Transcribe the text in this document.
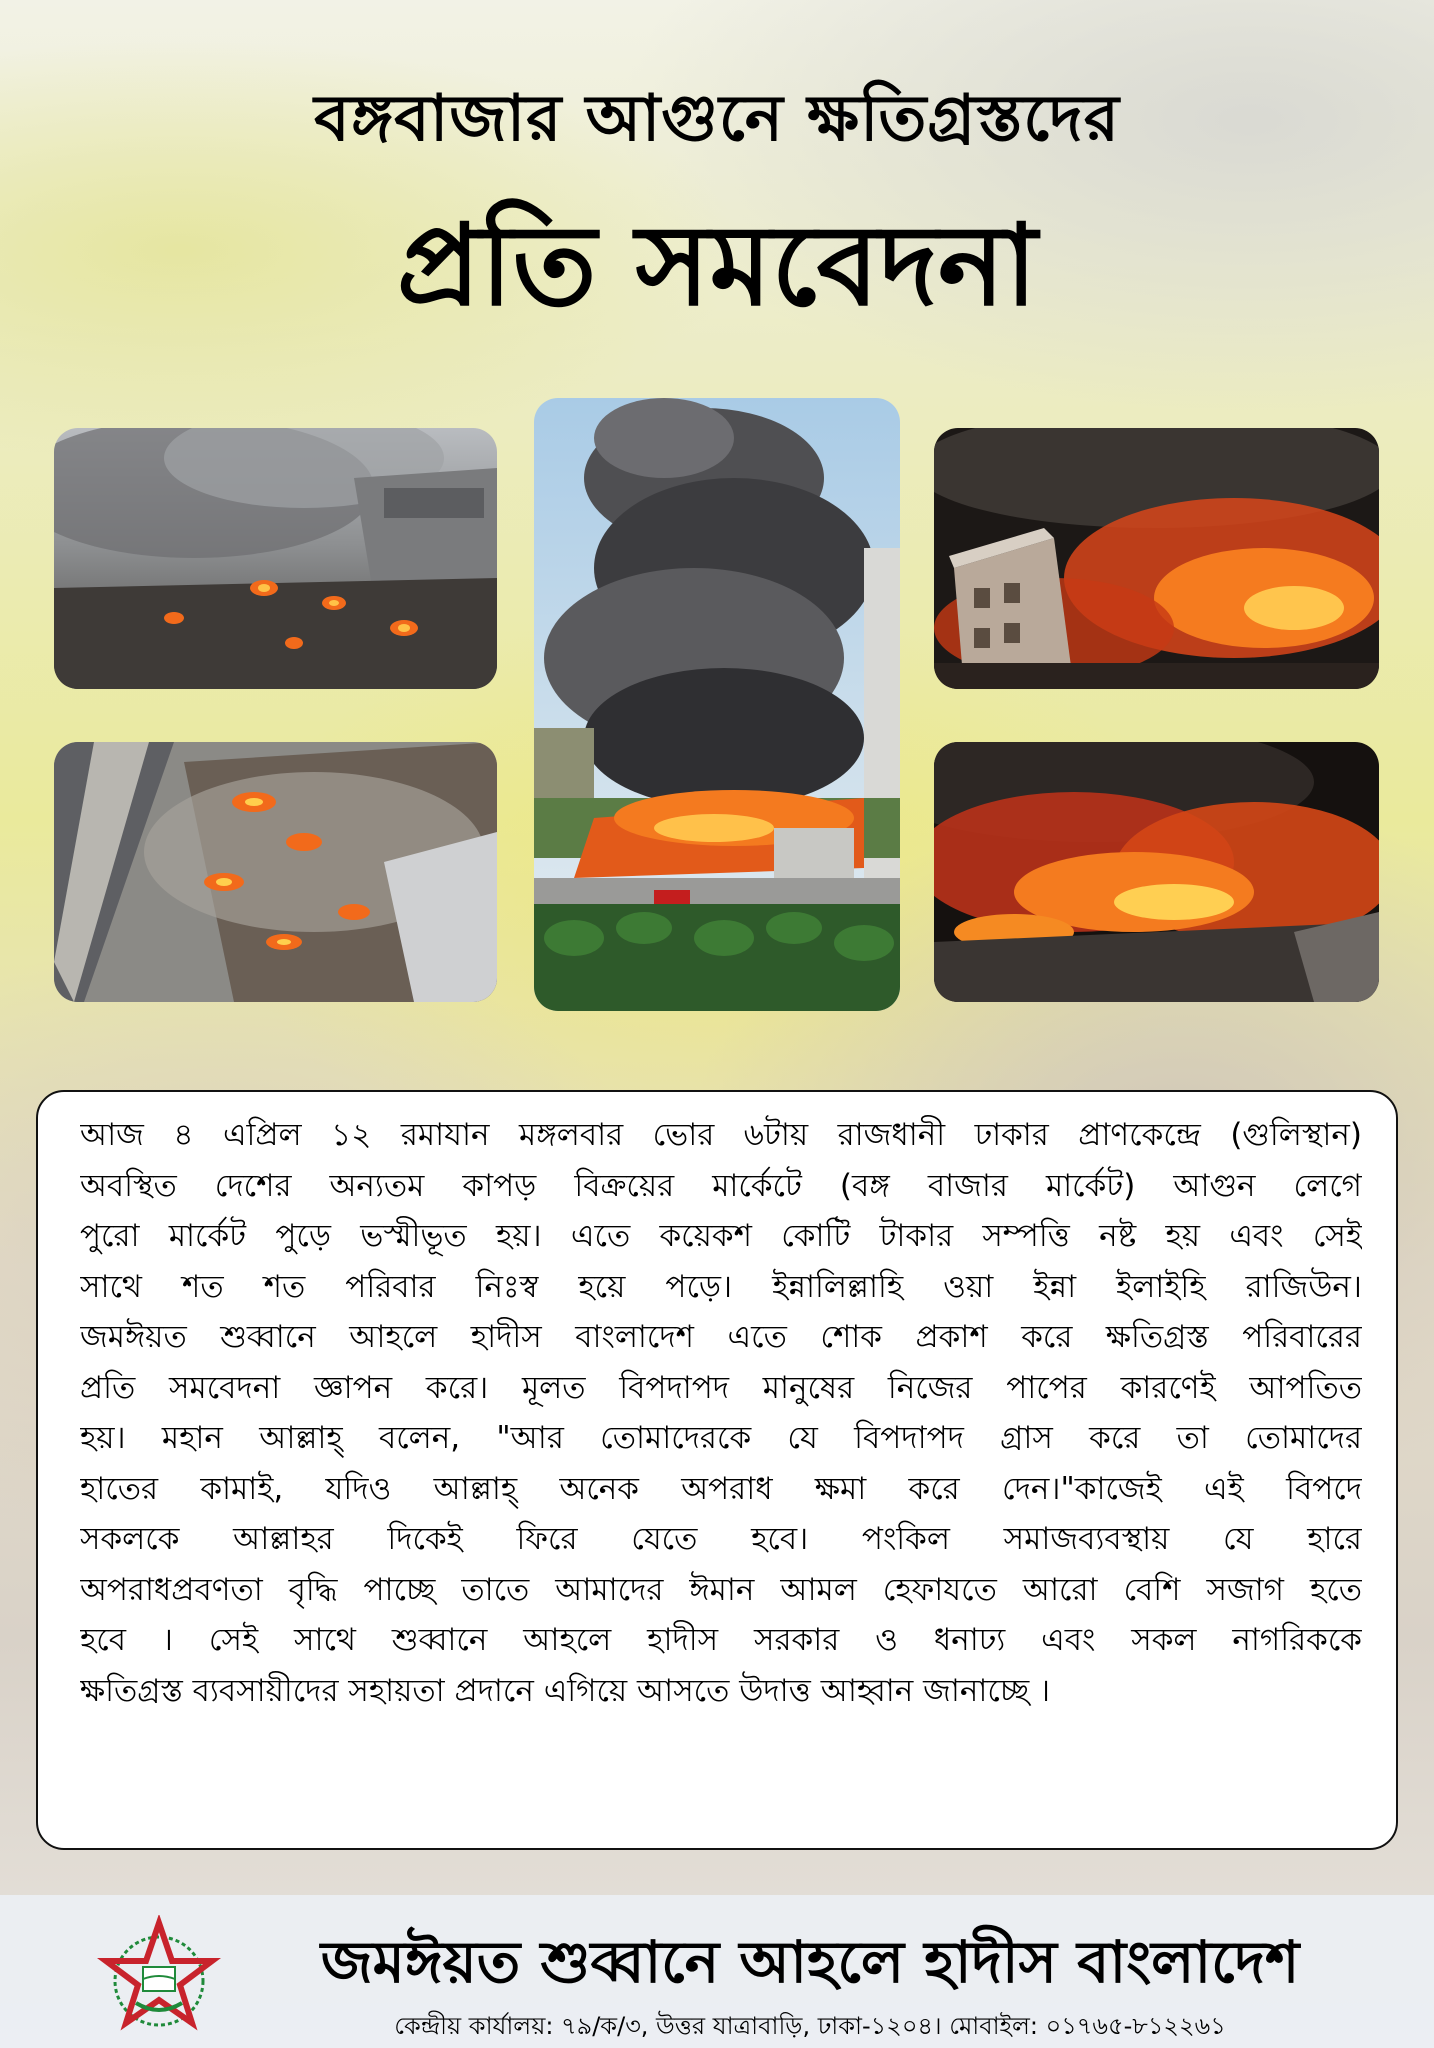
বঙ্গবাজার আগুনে ক্ষতিগ্রস্তদের
প্রতি সমবেদনা
আজ ৪ এপ্রিল ১২ রমাযান মঙ্গলবার ভোর ৬টায় রাজধানী ঢাকার প্রাণকেন্দ্রে (গুলিস্থান)
অবস্থিত দেশের অন্যতম কাপড় বিক্রয়ের মার্কেটে (বঙ্গ বাজার মার্কেট) আগুন লেগে
পুরো মার্কেট পুড়ে ভস্মীভূত হয়। এতে কয়েকশ কোটি টাকার সম্পত্তি নষ্ট হয় এবং সেই
সাথে শত শত পরিবার নিঃস্ব হয়ে পড়ে। ইন্নালিল্লাহি ওয়া ইন্না ইলাইহি রাজিউন।
জমঈয়ত শুব্বানে আহলে হাদীস বাংলাদেশ এতে শোক প্রকাশ করে ক্ষতিগ্রস্ত পরিবারের
প্রতি সমবেদনা জ্ঞাপন করে। মূলত বিপদাপদ মানুষের নিজের পাপের কারণেই আপতিত
হয়। মহান আল্লাহ্ বলেন, "আর তোমাদেরকে যে বিপদাপদ গ্রাস করে তা তোমাদের
হাতের কামাই, যদিও আল্লাহ্ অনেক অপরাধ ক্ষমা করে দেন।"কাজেই এই বিপদে
সকলকে আল্লাহর দিকেই ফিরে যেতে হবে। পংকিল সমাজব্যবস্থায় যে হারে
অপরাধপ্রবণতা বৃদ্ধি পাচ্ছে তাতে আমাদের ঈমান আমল হেফাযতে আরো বেশি সজাগ হতে
হবে । সেই সাথে শুব্বানে আহলে হাদীস সরকার ও ধনাঢ্য এবং সকল নাগরিককে
ক্ষতিগ্রস্ত ব্যবসায়ীদের সহায়তা প্রদানে এগিয়ে আসতে উদাত্ত আহ্বান জানাচ্ছে ।
জমঈয়ত শুব্বানে আহলে হাদীস বাংলাদেশ
কেন্দ্রীয় কার্যালয়: ৭৯/ক/৩, উত্তর যাত্রাবাড়ি, ঢাকা-১২০৪। মোবাইল: ০১৭৬৫-৮১২২৬১
